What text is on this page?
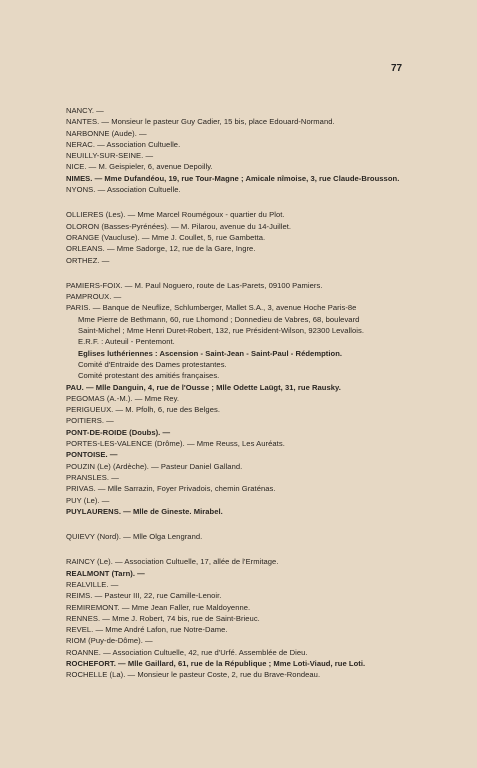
77
NANCY. —
NANTES. — Monsieur le pasteur Guy Cadier, 15 bis, place Edouard-Normand.
NARBONNE (Aude). —
NERAC. — Association Cultuelle.
NEUILLY-SUR-SEINE. —
NICE. — M. Geispieler, 6, avenue Depoilly.
NIMES. — Mme Dufandéou, 19, rue Tour-Magne ; Amicale nîmoise, 3, rue Claude-Brousson.
NYONS. — Association Cultuelle.
OLLIERES (Les). — Mme Marcel Roumégoux - quartier du Plot.
OLORON (Basses-Pyrénées). — M. Pilarou, avenue du 14-Juillet.
ORANGE (Vaucluse). — Mme J. Coullet, 5, rue Gambetta.
ORLEANS. — Mme Sadorge, 12, rue de la Gare, Ingre.
ORTHEZ. —
PAMIERS-FOIX. — M. Paul Noguero, route de Las-Parets, 09100 Pamiers.
PAMPROUX. —
PARIS. — Banque de Neuflize, Schlumberger, Mallet S.A., 3, avenue Hoche Paris-8e
Mme Pierre de Bethmann, 60, rue Lhomond ; Donnedieu de Vabres, 68, boulevard
Saint-Michel ; Mme Henri Duret-Robert, 132, rue Président-Wilson, 92300 Levallois.
E.R.F. : Auteuil - Pentemont.
Eglises luthériennes : Ascension - Saint-Jean - Saint-Paul - Rédemption.
Comité d'Entraide des Dames protestantes.
Comité protestant des amitiés françaises.
PAU. — Mlle Danguin, 4, rue de l'Ousse ; Mlle Odette Laügt, 31, rue Rausky.
PEGOMAS (A.-M.). — Mme Rey.
PERIGUEUX. — M. Pfolh, 6, rue des Belges.
POITIERS. —
PONT-DE-ROIDE (Doubs). —
PORTES-LES-VALENCE (Drôme). — Mme Reuss, Les Auréats.
PONTOISE. —
POUZIN (Le) (Ardèche). — Pasteur Daniel Galland.
PRANSLES. —
PRIVAS. — Mlle Sarrazin, Foyer Privadois, chemin Graténas.
PUY (Le). —
PUYLAURENS. — Mlle de Gineste. Mirabel.
QUIEVY (Nord). — Mlle Olga Lengrand.
RAINCY (Le). — Association Cultuelle, 17, allée de l'Ermitage.
REALMONT (Tarn). —
REALVILLE. —
REIMS. — Pasteur III, 22, rue Camille-Lenoir.
REMIREMONT. — Mme Jean Faller, rue Maldoyenne.
RENNES. — Mme J. Robert, 74 bis, rue de Saint-Brieuc.
REVEL. — Mme André Lafon, rue Notre-Dame.
RIOM (Puy-de-Dôme). —
ROANNE. — Association Cultuelle, 42, rue d'Urfé. Assemblée de Dieu.
ROCHEFORT. — Mlle Gaillard, 61, rue de la République ; Mme Loti-Viaud, rue Loti.
ROCHELLE (La). — Monsieur le pasteur Coste, 2, rue du Brave-Rondeau.
